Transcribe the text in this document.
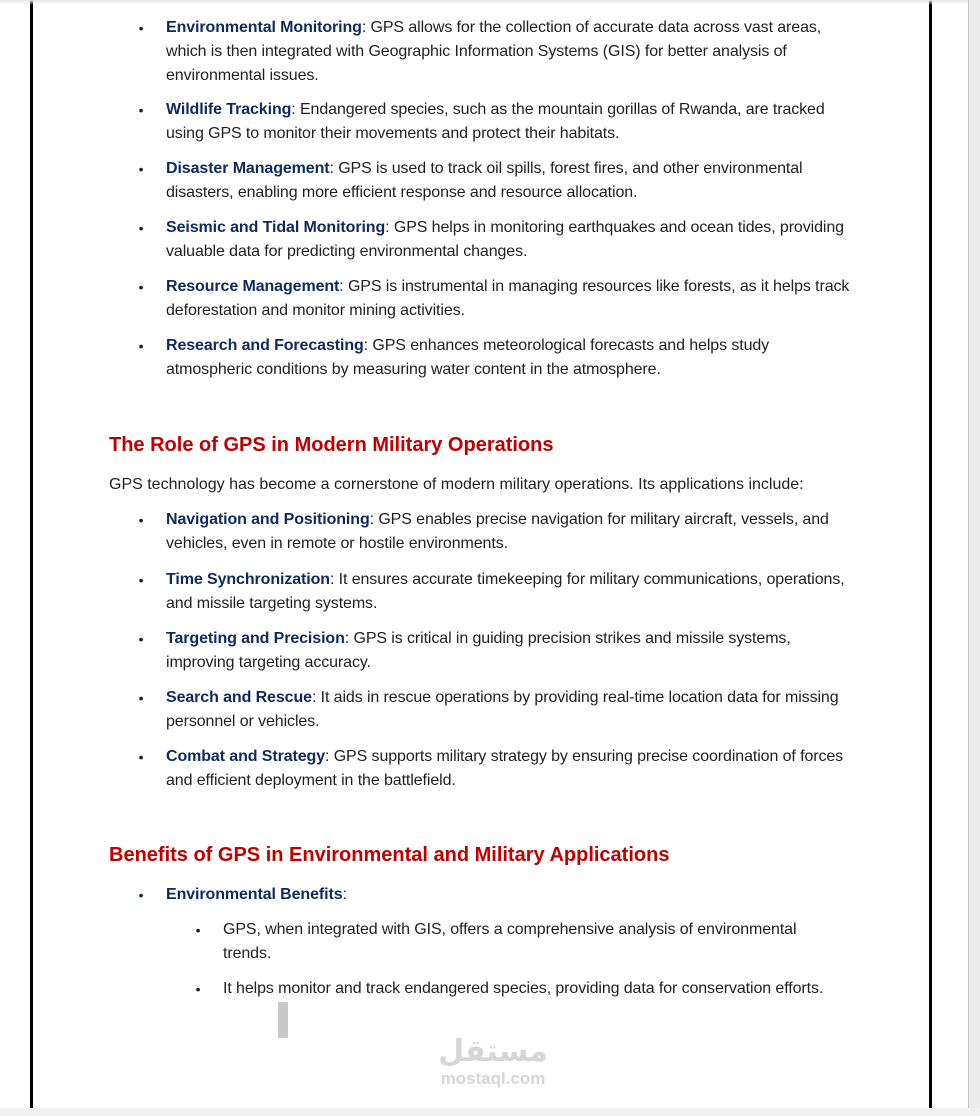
• Environmental Monitoring: GPS allows for the collection of accurate data across vast areas, which is then integrated with Geographic Information Systems (GIS) for better analysis of environmental issues.
• Wildlife Tracking: Endangered species, such as the mountain gorillas of Rwanda, are tracked using GPS to monitor their movements and protect their habitats.
• Disaster Management: GPS is used to track oil spills, forest fires, and other environmental disasters, enabling more efficient response and resource allocation.
• Seismic and Tidal Monitoring: GPS helps in monitoring earthquakes and ocean tides, providing valuable data for predicting environmental changes.
• Resource Management: GPS is instrumental in managing resources like forests, as it helps track deforestation and monitor mining activities.
• Research and Forecasting: GPS enhances meteorological forecasts and helps study atmospheric conditions by measuring water content in the atmosphere.
The Role of GPS in Modern Military Operations
GPS technology has become a cornerstone of modern military operations. Its applications include:
• Navigation and Positioning: GPS enables precise navigation for military aircraft, vessels, and vehicles, even in remote or hostile environments.
• Time Synchronization: It ensures accurate timekeeping for military communications, operations, and missile targeting systems.
• Targeting and Precision: GPS is critical in guiding precision strikes and missile systems, improving targeting accuracy.
• Search and Rescue: It aids in rescue operations by providing real-time location data for missing personnel or vehicles.
• Combat and Strategy: GPS supports military strategy by ensuring precise coordination of forces and efficient deployment in the battlefield.
Benefits of GPS in Environmental and Military Applications
• Environmental Benefits:
• GPS, when integrated with GIS, offers a comprehensive analysis of environmental trends.
• It helps monitor and track endangered species, providing data for conservation efforts.
مستقل
mostaql.com
